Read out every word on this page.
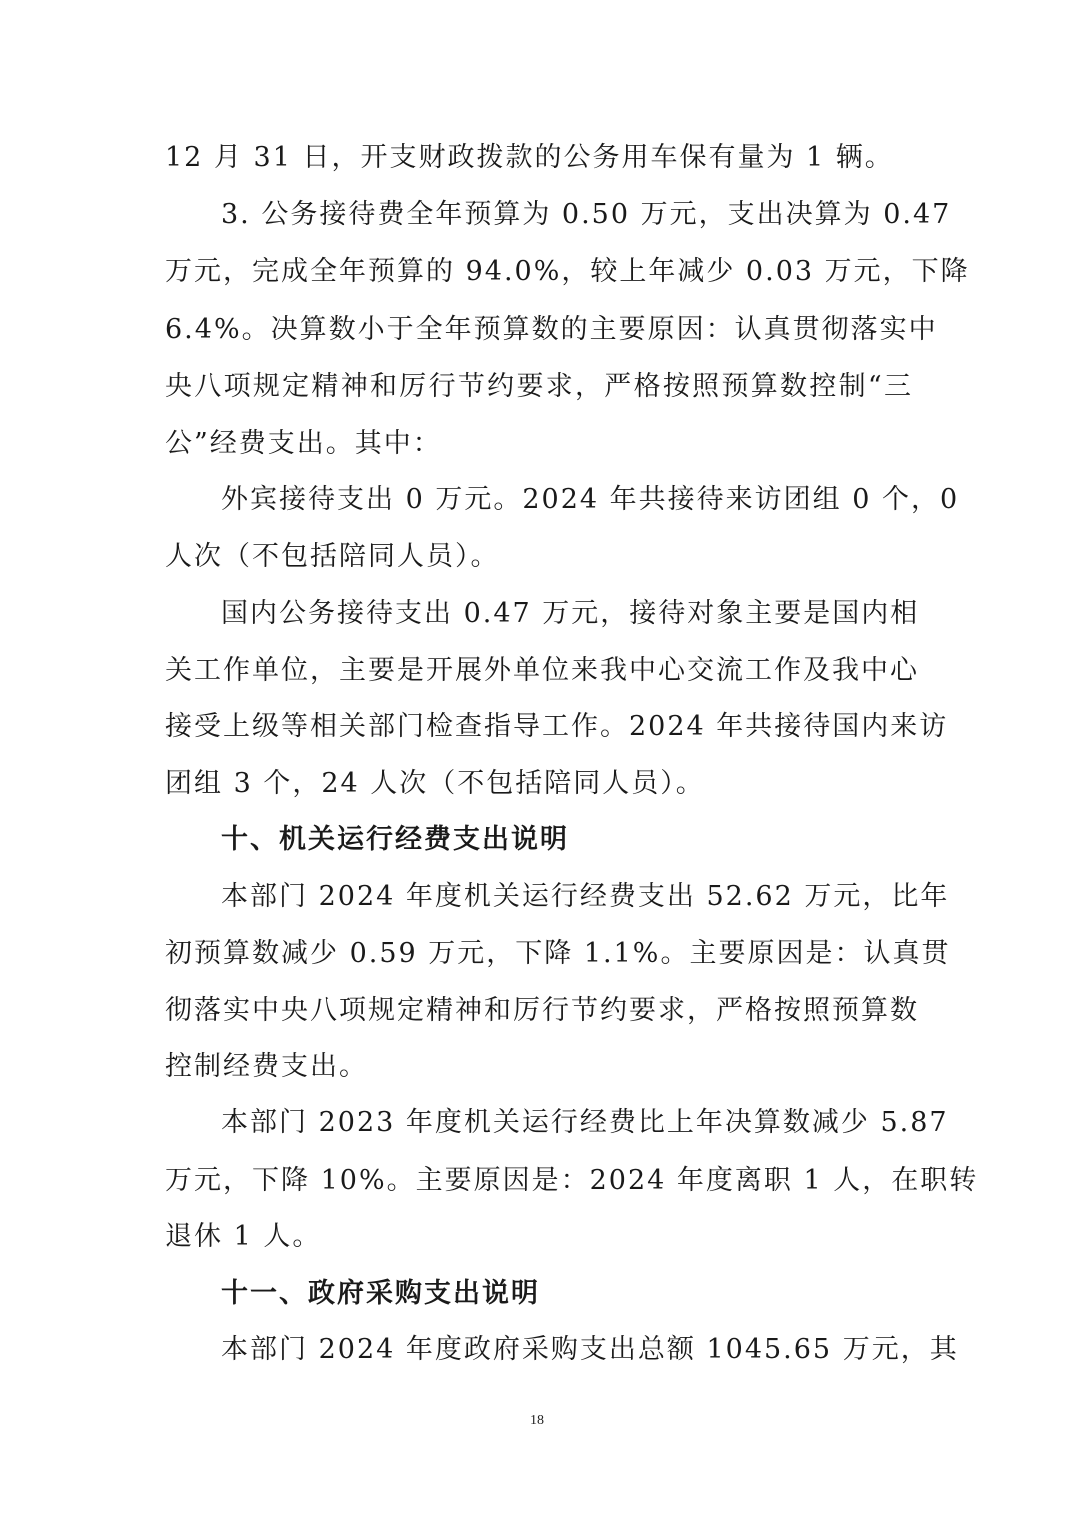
12 月 31 日，开支财政拨款的公务用车保有量为 1 辆。
3. 公务接待费全年预算为 0.50 万元，支出决算为 0.47
万元，完成全年预算的 94.0%，较上年减少 0.03 万元，下降
6.4%。决算数小于全年预算数的主要原因：认真贯彻落实中
央八项规定精神和厉行节约要求，严格按照预算数控制“三
公”经费支出。其中：
外宾接待支出 0 万元。2024 年共接待来访团组 0 个，0
人次（不包括陪同人员）。
国内公务接待支出 0.47 万元，接待对象主要是国内相
关工作单位，主要是开展外单位来我中心交流工作及我中心
接受上级等相关部门检查指导工作。2024 年共接待国内来访
团组 3 个，24 人次（不包括陪同人员）。
十、机关运行经费支出说明
本部门 2024 年度机关运行经费支出 52.62 万元，比年
初预算数减少 0.59 万元，下降 1.1%。主要原因是：认真贯
彻落实中央八项规定精神和厉行节约要求，严格按照预算数
控制经费支出。
本部门 2023 年度机关运行经费比上年决算数减少 5.87
万元，下降 10%。主要原因是：2024 年度离职 1 人，在职转
退休 1 人。
十一、政府采购支出说明
本部门 2024 年度政府采购支出总额 1045.65 万元，其
18
